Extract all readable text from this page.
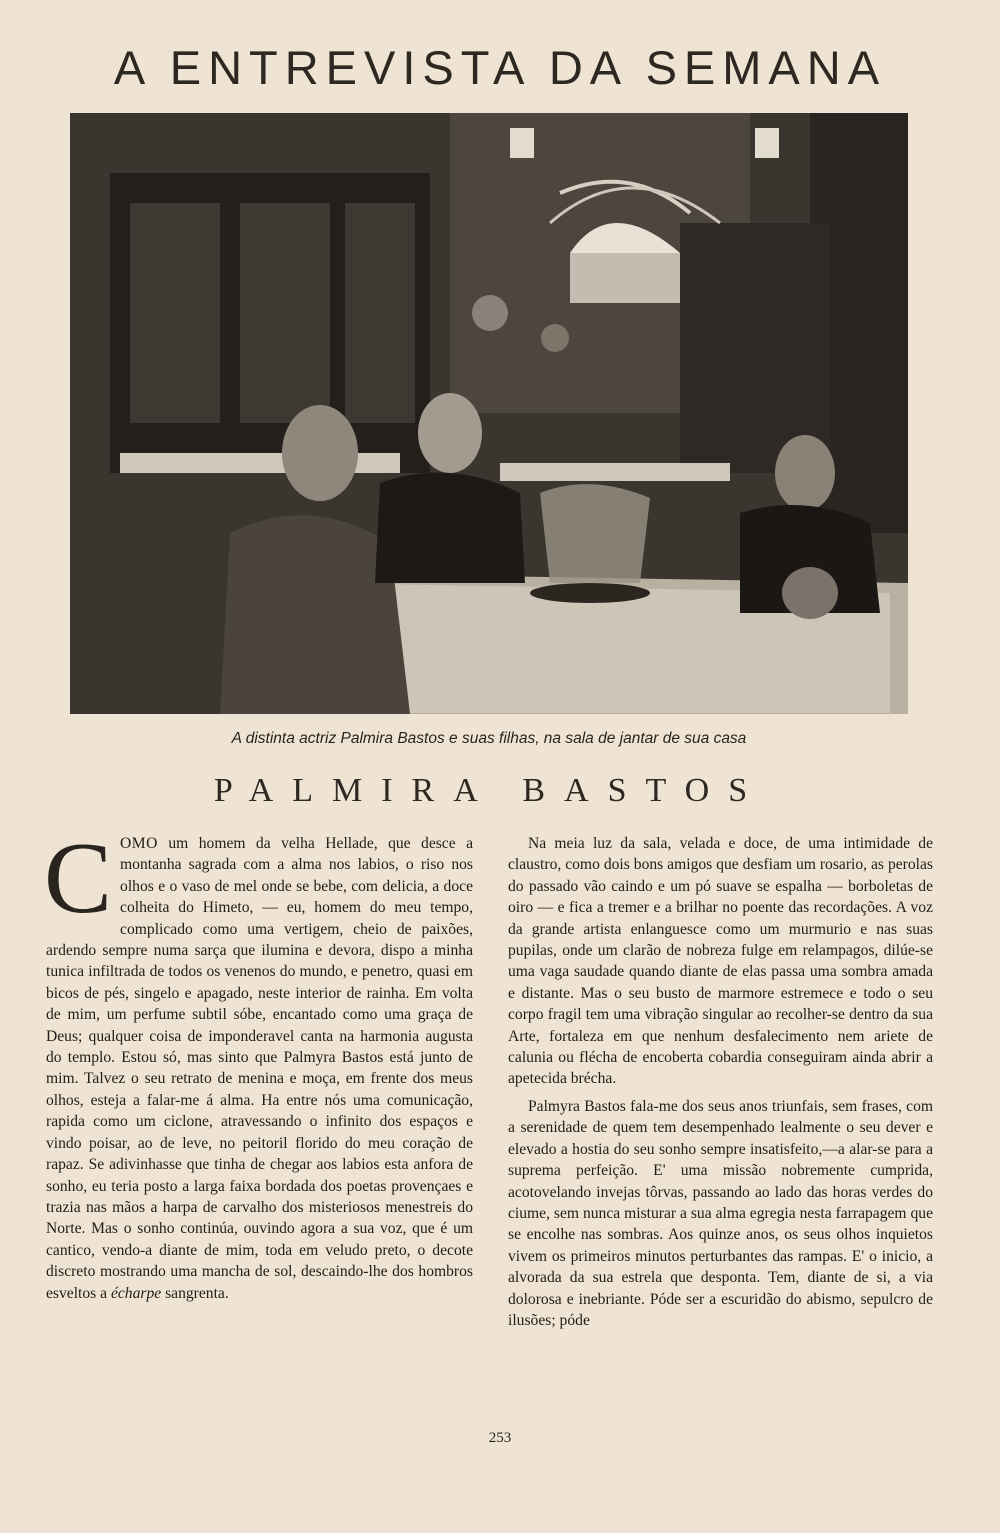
A ENTREVISTA DA SEMANA
A distinta actriz Palmira Bastos e suas filhas, na sala de jantar de sua casa
PALMIRA BASTOS

COMO um homem da velha Hellade, que desce a montanha sagrada com a alma nos labios, o riso nos olhos e o vaso de mel onde se bebe, com delicia, a doce colheita do Himeto, — eu, homem do meu tempo, complicado como uma vertigem, cheio de paixões, ardendo sempre numa sarça que ilumina e devora, dispo a minha tunica infiltrada de todos os venenos do mundo, e penetro, quasi em bicos de pés, singelo e apagado, neste interior de rainha. Em volta de mim, um perfume subtil sóbe, encantado como uma graça de Deus; qualquer coisa de imponderavel canta na harmonia augusta do templo. Estou só, mas sinto que Palmyra Bastos está junto de mim. Talvez o seu retrato de menina e moça, em frente dos meus olhos, esteja a falar-me á alma. Ha entre nós uma comunicação, rapida como um ciclone, atravessando o infinito dos espaços e vindo poisar, ao de leve, no peitoril florido do meu coração de rapaz. Se adivinhasse que tinha de chegar aos labios esta anfora de sonho, eu teria posto a larga faixa bordada dos poetas provençaes e trazia nas mãos a harpa de carvalho dos misteriosos menestreis do Norte. Mas o sonho continúa, ouvindo agora a sua voz, que é um cantico, vendo-a diante de mim, toda em veludo preto, o decote discreto mostrando uma mancha de sol, descaindo-lhe dos hombros esveltos a écharpe sangrenta.

Na meia luz da sala, velada e doce, de uma intimidade de claustro, como dois bons amigos que desfiam um rosario, as perolas do passado vão caindo e um pó suave se espalha — borboletas de oiro — e fica a tremer e a brilhar no poente das recordações. A voz da grande artista enlanguesce como um murmurio e nas suas pupilas, onde um clarão de nobreza fulge em relampagos, dilúe-se uma vaga saudade quando diante de elas passa uma sombra amada e distante. Mas o seu busto de marmore estremece e todo o seu corpo fragil tem uma vibração singular ao recolher-se dentro da sua Arte, fortaleza em que nenhum desfalecimento nem ariete de calunia ou flécha de encoberta cobardia conseguiram ainda abrir a apetecida brécha.

Palmyra Bastos fala-me dos seus anos triunfais, sem frases, com a serenidade de quem tem desempenhado lealmente o seu dever e elevado a hostia do seu sonho sempre insatisfeito,—a alar-se para a suprema perfeição. E' uma missão nobremente cumprida, acotovelando invejas tôrvas, passando ao lado das horas verdes do ciume, sem nunca misturar a sua alma egregia nesta farrapagem que se encolhe nas sombras. Aos quinze anos, os seus olhos inquietos vivem os primeiros minutos perturbantes das rampas. E' o inicio, a alvorada da sua estrela que desponta. Tem, diante de si, a via dolorosa e inebriante. Póde ser a escuridão do abismo, sepulcro de ilusões; póde

253
